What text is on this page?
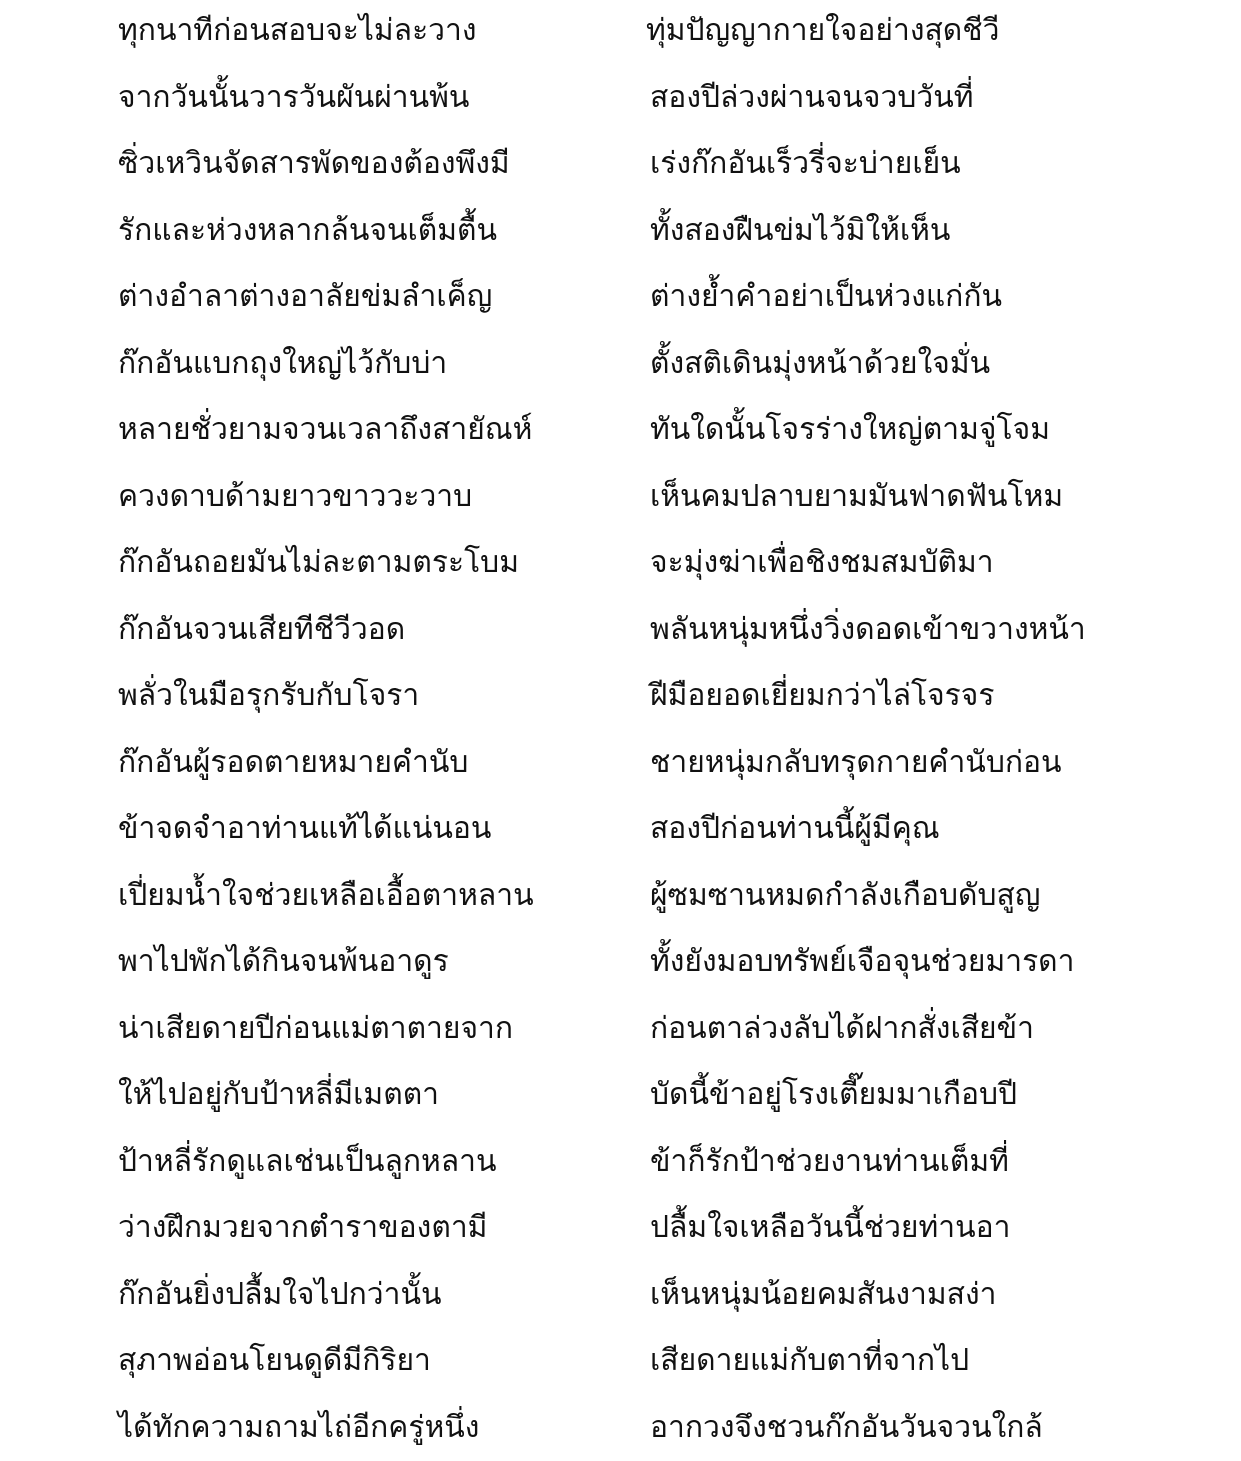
ทุกนาทีก่อนสอบจะไม่ละวาง	ทุ่มปัญญากายใจอย่างสุดชีวี
จากวันนั้นวารวันผันผ่านพ้น	สองปีล่วงผ่านจนจวบวันที่
ซิ่วเหวินจัดสารพัดของต้องพึงมี	เร่งก๊กอันเร็วรี่จะบ่ายเย็น
รักและห่วงหลากล้นจนเต็มตื้น	ทั้งสองฝืนข่มไว้มิให้เห็น
ต่างอำลาต่างอาลัยข่มลำเค็ญ	ต่างย้ำคำอย่าเป็นห่วงแก่กัน
ก๊กอันแบกถุงใหญ่ไว้กับบ่า	ตั้งสติเดินมุ่งหน้าด้วยใจมั่น
หลายชั่วยามจวนเวลาถึงสายัณห์	ทันใดนั้นโจรร่างใหญ่ตามจู่โจม
ควงดาบด้ามยาวขาววะวาบ	เห็นคมปลาบยามมันฟาดฟันโหม
ก๊กอันถอยมันไม่ละตามตระโบม	จะมุ่งฆ่าเพื่อชิงชมสมบัติมา
ก๊กอันจวนเสียทีชีวีวอด	พลันหนุ่มหนึ่งวิ่งดอดเข้าขวางหน้า
พลั่วในมือรุกรับกับโจรา	ฝีมือยอดเยี่ยมกว่าไล่โจรจร
ก๊กอันผู้รอดตายหมายคำนับ	ชายหนุ่มกลับทรุดกายคำนับก่อน
ข้าจดจำอาท่านแท้ได้แน่นอน	สองปีก่อนท่านนี้ผู้มีคุณ
เปี่ยมน้ำใจช่วยเหลือเอื้อตาหลาน	ผู้ซมซานหมดกำลังเกือบดับสูญ
พาไปพักได้กินจนพ้นอาดูร	ทั้งยังมอบทรัพย์เจือจุนช่วยมารดา
น่าเสียดายปีก่อนแม่ตาตายจาก	ก่อนตาล่วงลับได้ฝากสั่งเสียข้า
ให้ไปอยู่กับป้าหลี่มีเมตตา	บัดนี้ข้าอยู่โรงเตี๊ยมมาเกือบปี
ป้าหลี่รักดูแลเช่นเป็นลูกหลาน	ข้าก็รักป้าช่วยงานท่านเต็มที่
ว่างฝึกมวยจากตำราของตามี	ปลื้มใจเหลือวันนี้ช่วยท่านอา
ก๊กอันยิ่งปลื้มใจไปกว่านั้น	เห็นหนุ่มน้อยคมสันงามสง่า
สุภาพอ่อนโยนดูดีมีกิริยา	เสียดายแม่กับตาที่จากไป
ได้ทักความถามไถ่อีกครู่หนึ่ง	อากวงจึงชวนก๊กอันวันจวนใกล้
